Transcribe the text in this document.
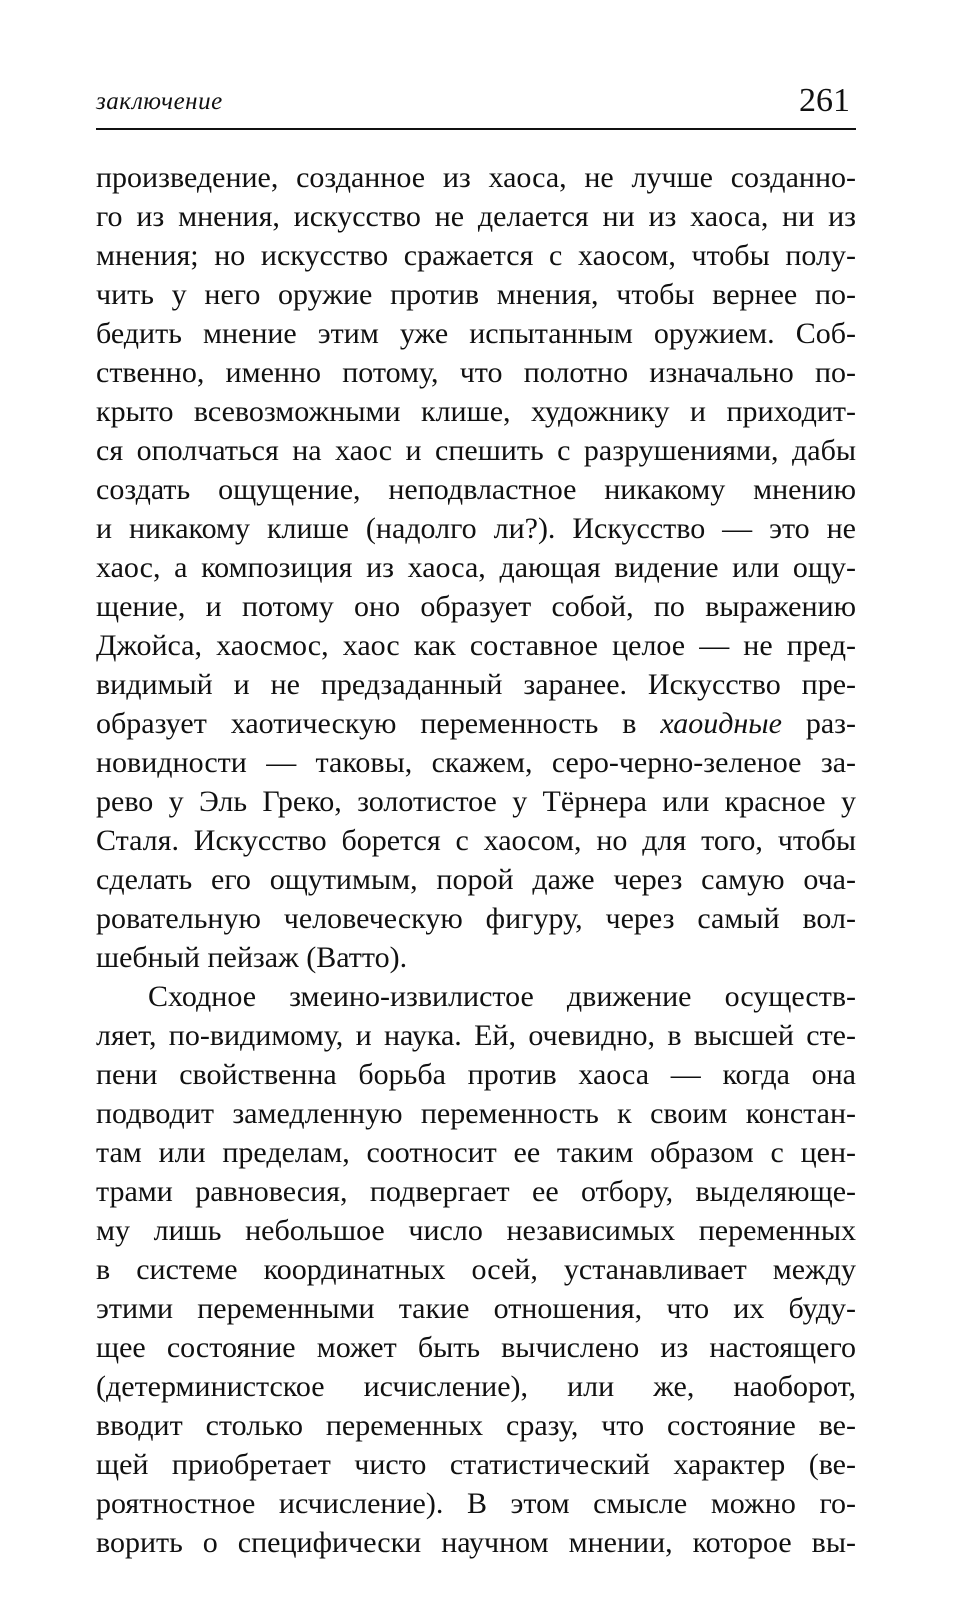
заключение	261
произведение, созданное из хаоса, не лучше созданно-
го из мнения, искусство не делается ни из хаоса, ни из
мнения; но искусство сражается с хаосом, чтобы полу-
чить у него оружие против мнения, чтобы вернее по-
бедить мнение этим уже испытанным оружием. Соб-
ственно, именно потому, что полотно изначально по-
крыто всевозможными клише, художнику и приходит-
ся ополчаться на хаос и спешить с разрушениями, дабы
создать ощущение, неподвластное никакому мнению
и никакому клише (надолго ли?). Искусство — это не
хаос, а композиция из хаоса, дающая видение или ощу-
щение, и потому оно образует собой, по выражению
Джойса, хаосмос, хаос как составное целое — не пред-
видимый и не предзаданный заранее. Искусство пре-
образует хаотическую переменность в хаоидные раз-
новидности — таковы, скажем, серо-черно-зеленое за-
рево у Эль Греко, золотистое у Тёрнера или красное у
Сталя. Искусство борется с хаосом, но для того, чтобы
сделать его ощутимым, порой даже через самую оча-
ровательную человеческую фигуру, через самый вол-
шебный пейзаж (Ватто).
Сходное змеино-извилистое движение осуществ-
ляет, по-видимому, и наука. Ей, очевидно, в высшей сте-
пени свойственна борьба против хаоса — когда она
подводит замедленную переменность к своим констан-
там или пределам, соотносит ее таким образом с цен-
трами равновесия, подвергает ее отбору, выделяюще-
му лишь небольшое число независимых переменных
в системе координатных осей, устанавливает между
этими переменными такие отношения, что их буду-
щее состояние может быть вычислено из настоящего
(детерминистское исчисление), или же, наоборот,
вводит столько переменных сразу, что состояние ве-
щей приобретает чисто статистический характер (ве-
роятностное исчисление). В этом смысле можно го-
ворить о специфически научном мнении, которое вы-
